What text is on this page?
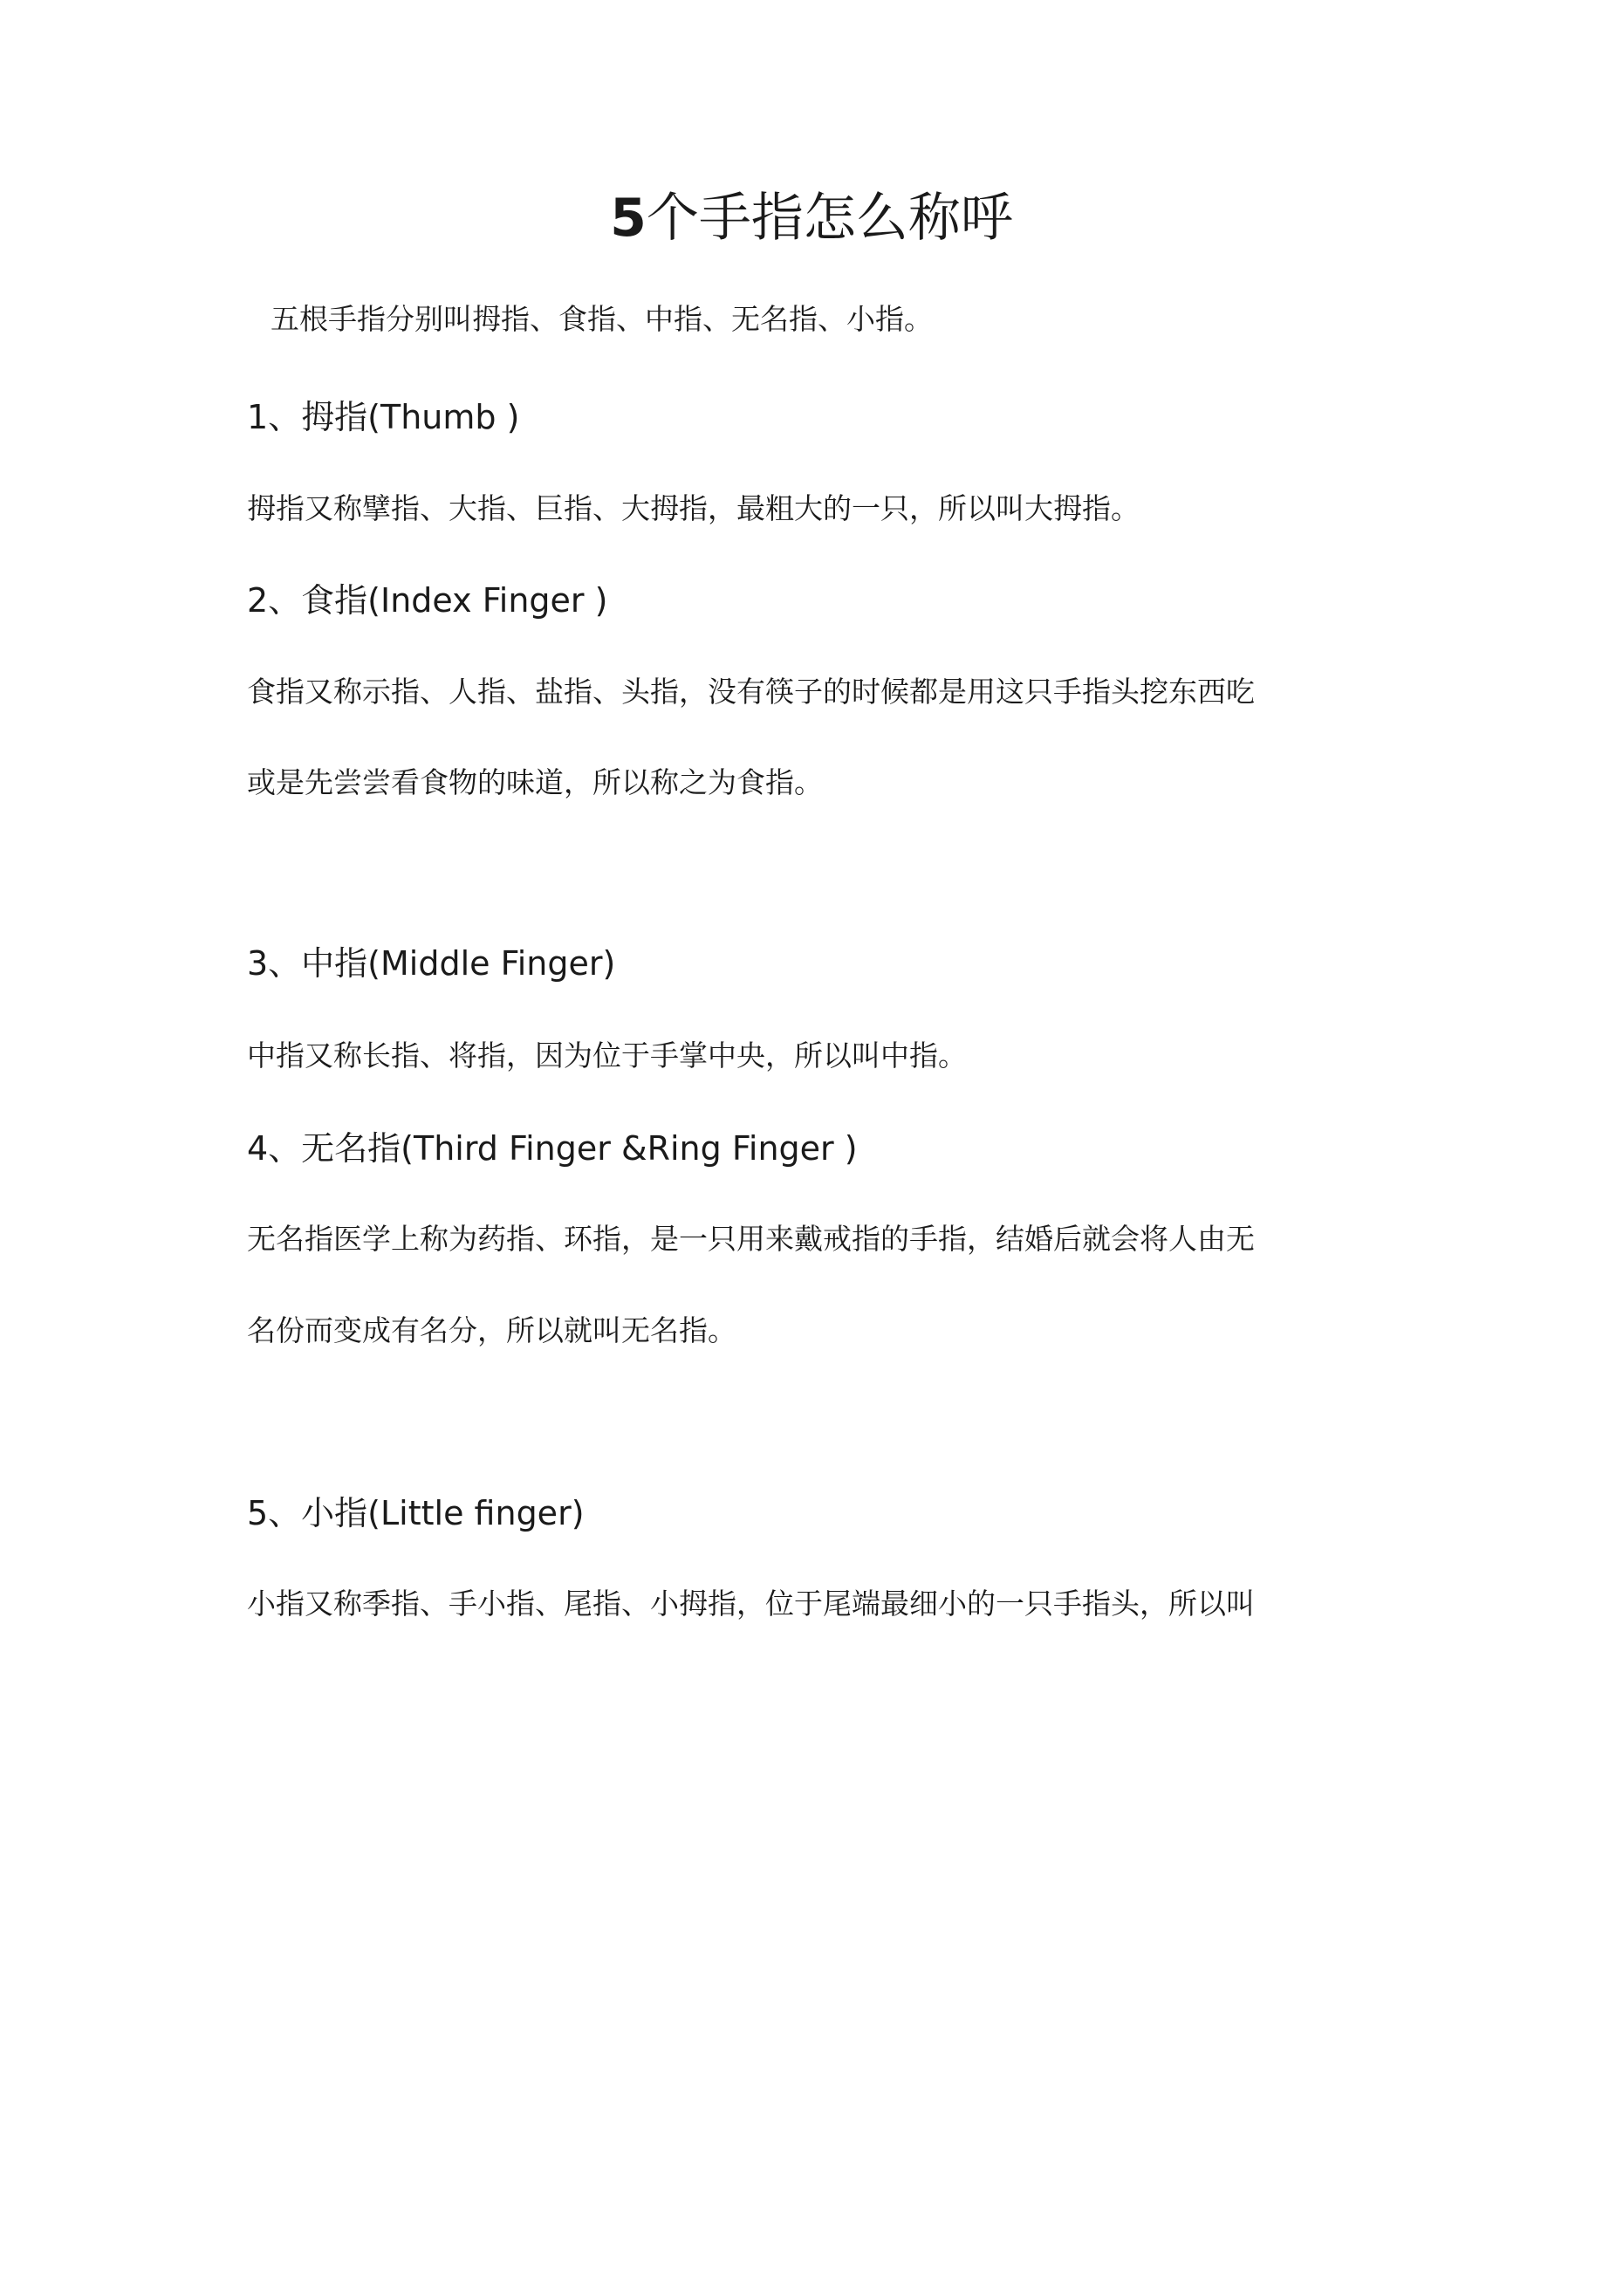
5个手指怎么称呼
五根手指分别叫拇指、食指、中指、无名指、小指。
1、拇指(Thumb )
拇指又称擘指、大指、巨指、大拇指，最粗大的一只，所以叫大拇指。
2、食指(Index Finger )
食指又称示指、人指、盐指、头指，没有筷子的时候都是用这只手指头挖东西吃
或是先尝尝看食物的味道，所以称之为食指。
3、中指(Middle Finger)
中指又称长指、将指，因为位于手掌中央，所以叫中指。
4、无名指(Third Finger &Ring Finger )
无名指医学上称为药指、环指，是一只用来戴戒指的手指，结婚后就会将人由无
名份而变成有名分，所以就叫无名指。
5、小指(Little finger)
小指又称季指、手小指、尾指、小拇指，位于尾端最细小的一只手指头，所以叫
